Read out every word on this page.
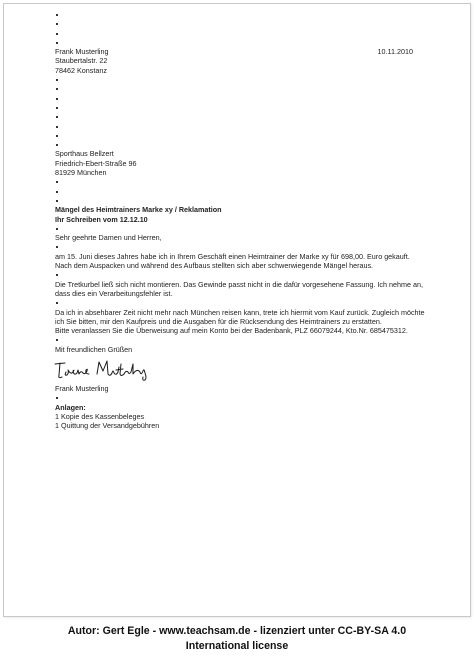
Frank Musterling	10.11.2010
Staubertalstr. 22
78462 Konstanz
Sporthaus Bellzert
Friedrich-Ebert-Straße 96
81929 München
Mängel des Heimtrainers Marke xy / Reklamation
Ihr Schreiben vom 12.12.10
Sehr geehrte Damen und Herren,

am 15. Juni dieses Jahres habe ich in Ihrem Geschäft einen Heimtrainer der Marke xy für 698,00. Euro gekauft. Nach dem Auspacken und während des Aufbaus stellten sich aber schwerwiegende Mängel heraus.

Die Tretkurbel ließ sich nicht montieren. Das Gewinde passt nicht in die dafür vorgesehene Fassung. Ich nehme an, dass dies ein Verarbeitungsfehler ist.

Da ich in absehbarer Zeit nicht mehr nach München reisen kann, trete ich hiermit vom Kauf zurück. Zugleich möchte ich Sie bitten, mir den Kaufpreis und die Ausgaben für die Rücksendung des Heimtrainers zu erstatten.

Bitte veranlassen Sie die Überweisung auf mein Konto bei der Badenbank, PLZ 66079244, Kto.Nr. 685475312.

Mit freundlichen Grüßen
Frank Musterling
Anlagen:
1 Kopie des Kassenbeleges
1 Quittung der Versandgebühren
Autor: Gert Egle - www.teachsam.de - lizenziert unter CC-BY-SA 4.0
International license
